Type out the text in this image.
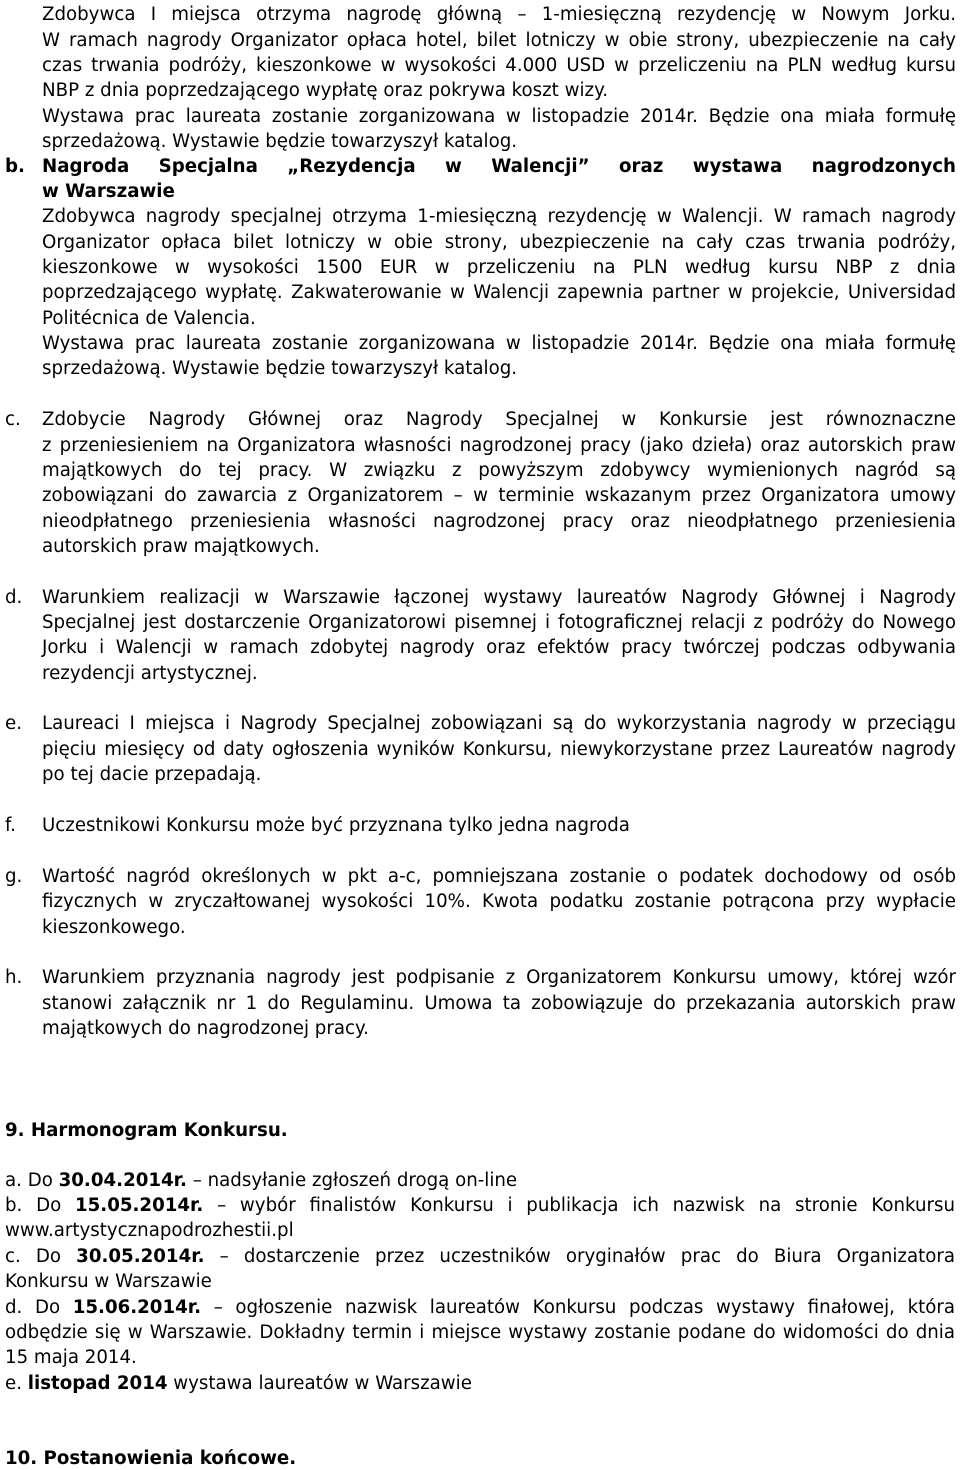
Zdobywca I miejsca otrzyma nagrodę główną – 1-miesięczną rezydencję w Nowym Jorku.
W ramach nagrody Organizator opłaca hotel, bilet lotniczy w obie strony, ubezpieczenie na cały
czas trwania podróży, kieszonkowe w wysokości 4.000 USD w przeliczeniu na PLN według kursu
NBP z dnia poprzedzającego wypłatę oraz pokrywa koszt wizy.
Wystawa prac laureata zostanie zorganizowana w listopadzie 2014r. Będzie ona miała formułę
sprzedażową. Wystawie będzie towarzyszył katalog.
b. Nagroda Specjalna „Rezydencja w Walencji” oraz wystawa nagrodzonych
w Warszawie
Zdobywca nagrody specjalnej otrzyma 1-miesięczną rezydencję w Walencji. W ramach nagrody
Organizator opłaca bilet lotniczy w obie strony, ubezpieczenie na cały czas trwania podróży,
kieszonkowe w wysokości 1500 EUR w przeliczeniu na PLN według kursu NBP z dnia
poprzedzającego wypłatę. Zakwaterowanie w Walencji zapewnia partner w projekcie, Universidad
Politécnica de Valencia.
Wystawa prac laureata zostanie zorganizowana w listopadzie 2014r. Będzie ona miała formułę
sprzedażową. Wystawie będzie towarzyszył katalog.
c.	Zdobycie Nagrody Głównej oraz Nagrody Specjalnej w Konkursie jest równoznaczne
z przeniesieniem na Organizatora własności nagrodzonej pracy (jako dzieła) oraz autorskich praw
majątkowych do tej pracy. W związku z powyższym zdobywcy wymienionych nagród są
zobowiązani do zawarcia z Organizatorem – w terminie wskazanym przez Organizatora umowy
nieodpłatnego przeniesienia własności nagrodzonej pracy oraz nieodpłatnego przeniesienia
autorskich praw majątkowych.
d.	Warunkiem realizacji w Warszawie łączonej wystawy laureatów Nagrody Głównej i Nagrody
Specjalnej jest dostarczenie Organizatorowi pisemnej i fotograficznej relacji z podróży do Nowego
Jorku i Walencji w ramach zdobytej nagrody oraz efektów pracy twórczej podczas odbywania
rezydencji artystycznej.
e.	Laureaci I miejsca i Nagrody Specjalnej zobowiązani są do wykorzystania nagrody w przeciągu
pięciu miesięcy od daty ogłoszenia wyników Konkursu, niewykorzystane przez Laureatów nagrody
po tej dacie przepadają.
f.	Uczestnikowi Konkursu może być przyznana tylko jedna nagroda
g.	Wartość nagród określonych w pkt a-c, pomniejszana zostanie o podatek dochodowy od osób
fizycznych w zryczałtowanej wysokości 10%. Kwota podatku zostanie potrącona przy wypłacie
kieszonkowego.
h.	Warunkiem przyznania nagrody jest podpisanie z Organizatorem Konkursu umowy, której wzór
stanowi załącznik nr 1 do Regulaminu. Umowa ta zobowiązuje do przekazania autorskich praw
majątkowych do nagrodzonej pracy.
9. Harmonogram Konkursu.
a. Do 30.04.2014r. – nadsyłanie zgłoszeń drogą on-line
b. Do 15.05.2014r. – wybór finalistów Konkursu i publikacja ich nazwisk na stronie Konkursu
www.artystycznapodrozhestii.pl
c. Do 30.05.2014r. – dostarczenie przez uczestników oryginałów prac do Biura Organizatora
Konkursu w Warszawie
d. Do 15.06.2014r. – ogłoszenie nazwisk laureatów Konkursu podczas wystawy finałowej, która
odbędzie się w Warszawie. Dokładny termin i miejsce wystawy zostanie podane do widomości do dnia
15 maja 2014.
e. listopad 2014 wystawa laureatów w Warszawie
10. Postanowienia końcowe.
